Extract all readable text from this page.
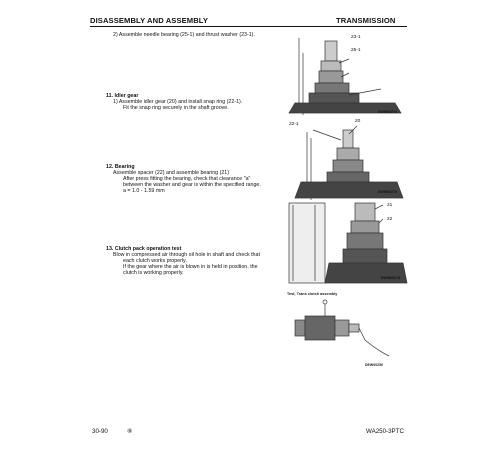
DISASSEMBLY AND ASSEMBLY	TRANSMISSION
2) Assemble needle bearing (25-1) and thrust washer (23-1).	23-1
25-1
DWW00274
11. Idler gear
1) Assemble idler gear (20) and install snap ring (22-1).
Fit the snap ring securely in the shaft groove.
22-1
20
DWW00276
12. Bearing
Assemble spacer (22) and assemble bearing (21)
After press fitting the bearing, check that clearance "a"
between the washer and gear is within the specified range.
a = 1.0 - 1.59 mm
21
22
DWW00278
13. Clutch pack operation test
Blow in compressed air through oil hole in shaft and check that
each clutch works properly.
If the gear where the air is blown in is held in position, the
clutch is working properly.
Test, Trans clutch assembly
DEW00250
30-90	⑧	WA250-3PTC
